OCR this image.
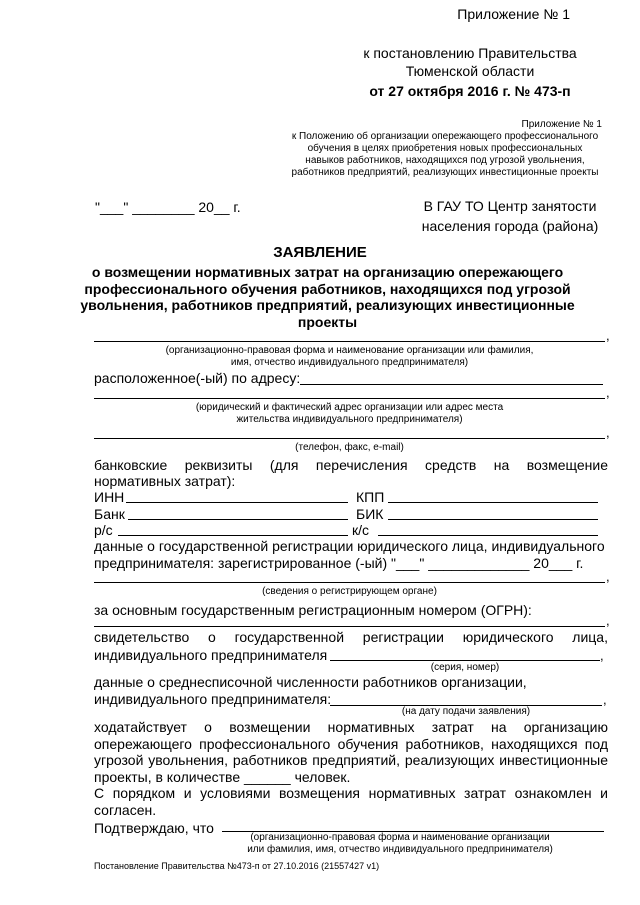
Приложение № 1
к постановлению Правительства
Тюменской области
от 27 октября 2016 г. № 473-п
Приложение № 1
к Положению об организации опережающего профессионального
обучения в целях приобретения новых профессиональных
навыков работников, находящихся под угрозой увольнения,
работников предприятий, реализующих инвестиционные проекты
"___" ________ 20__ г.	В ГАУ ТО Центр занятости
населения города (района)
ЗАЯВЛЕНИЕ
о возмещении нормативных затрат на организацию опережающего
профессионального обучения работников, находящихся под угрозой
увольнения, работников предприятий, реализующих инвестиционные
проекты
,
(организационно-правовая форма и наименование организации или фамилия,
имя, отчество индивидуального предпринимателя)
расположенное(-ый) по адресу:
,
(юридический и фактический адрес организации или адрес места
жительства индивидуального предпринимателя)
,
(телефон, факс, e-mail)
банковские реквизиты (для перечисления средств на возмещение
нормативных затрат):
ИНН	КПП
Банк	БИК
р/с	к/с
данные о государственной регистрации юридического лица, индивидуального
предпринимателя: зарегистрированное (-ый) "___" _____________ 20___ г.
,
(сведения о регистрирующем органе)
за основным государственным регистрационным номером (ОГРН):
,
свидетельство о государственной регистрации юридического лица,
индивидуального предпринимателя	,
(серия, номер)
данные о среднесписочной численности работников организации,
индивидуального предпринимателя:	,
(на дату подачи заявления)
ходатайствует о возмещении нормативных затрат на организацию
опережающего профессионального обучения работников, находящихся под
угрозой увольнения, работников предприятий, реализующих инвестиционные
проекты, в количестве ______ человек.
С порядком и условиями возмещения нормативных затрат ознакомлен и
согласен.
Подтверждаю, что
(организационно-правовая форма и наименование организации
или фамилия, имя, отчество индивидуального предпринимателя)
Постановление Правительства №473-п от 27.10.2016 (21557427 v1)
